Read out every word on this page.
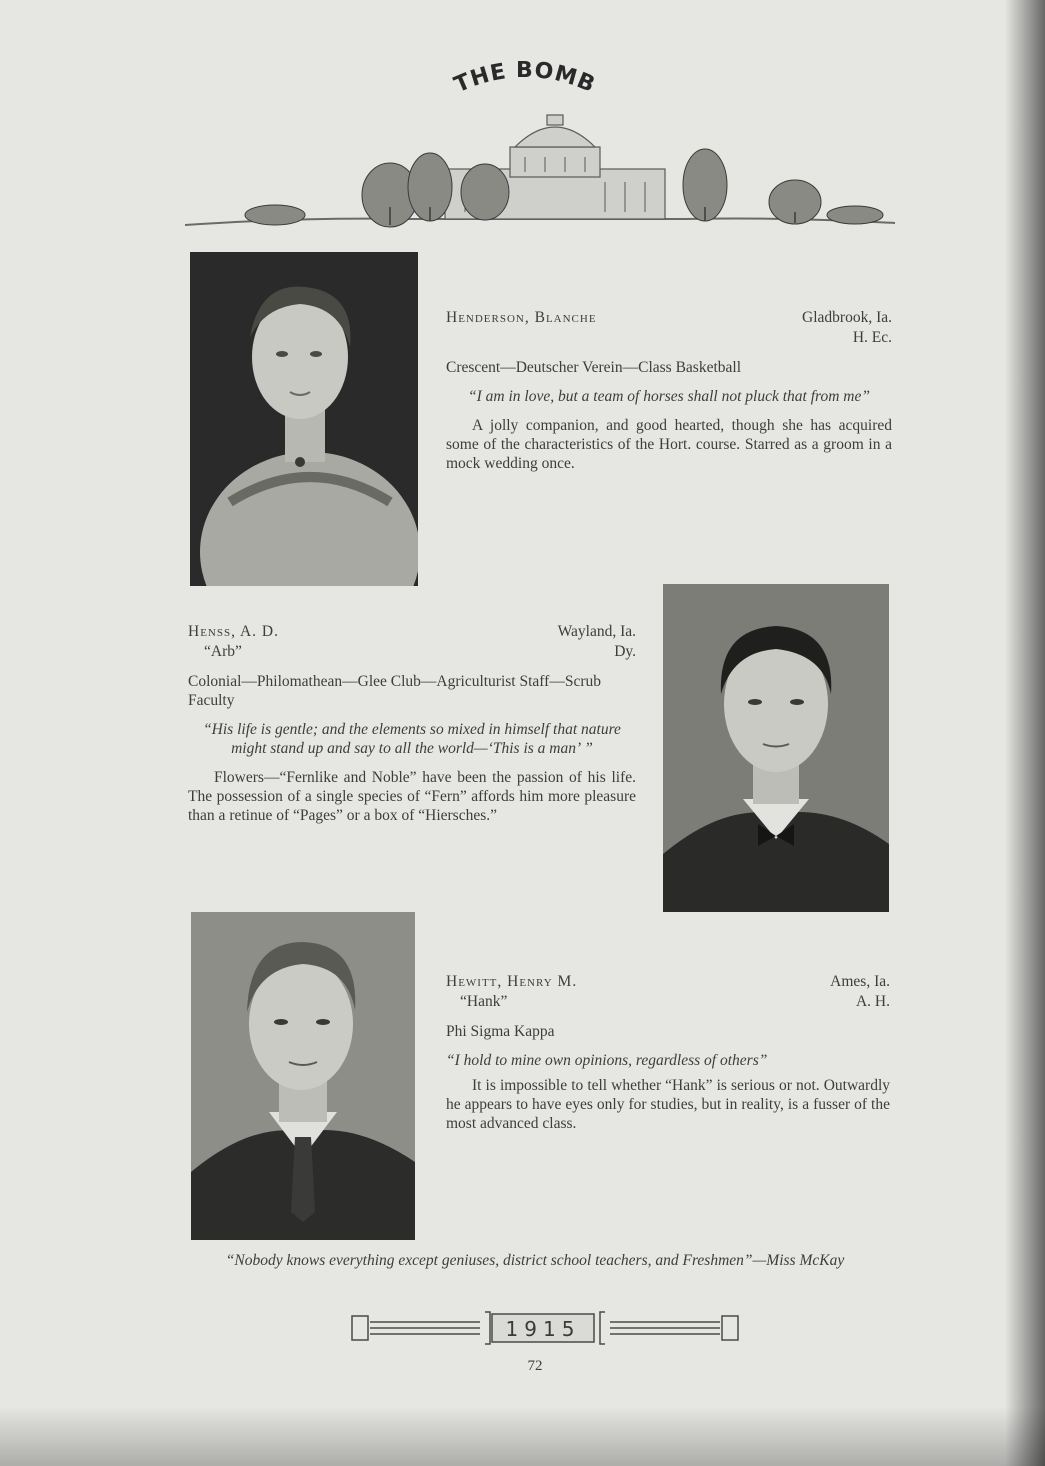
THE BOMB
Henderson, Blanche	Gladbrook, Ia.
H. Ec.
Crescent—Deutscher Verein—Class Basketball
“I am in love, but a team of horses shall not pluck that from me”
A jolly companion, and good hearted, though she has acquired some of the characteristics of the Hort. course. Starred as a groom in a mock wedding once.
Henss, A. D.	Wayland, Ia.
“Arb”	Dy.
Colonial—Philomathean—Glee Club—Agriculturist Staff—Scrub Faculty
“His life is gentle; and the elements so mixed in himself that nature might stand up and say to all the world—‘This is a man’ ”
Flowers—“Fernlike and Noble” have been the passion of his life. The possession of a single species of “Fern” affords him more pleasure than a retinue of “Pages” or a box of “Hiersches.”
Hewitt, Henry M.	Ames, Ia.
“Hank”	A. H.
Phi Sigma Kappa
“I hold to mine own opinions, regardless of others”
It is impossible to tell whether “Hank” is serious or not. Outwardly he appears to have eyes only for studies, but in reality, is a fusser of the most advanced class.
“Nobody knows everything except geniuses, district school teachers, and Freshmen”—Miss McKay
1915
72
